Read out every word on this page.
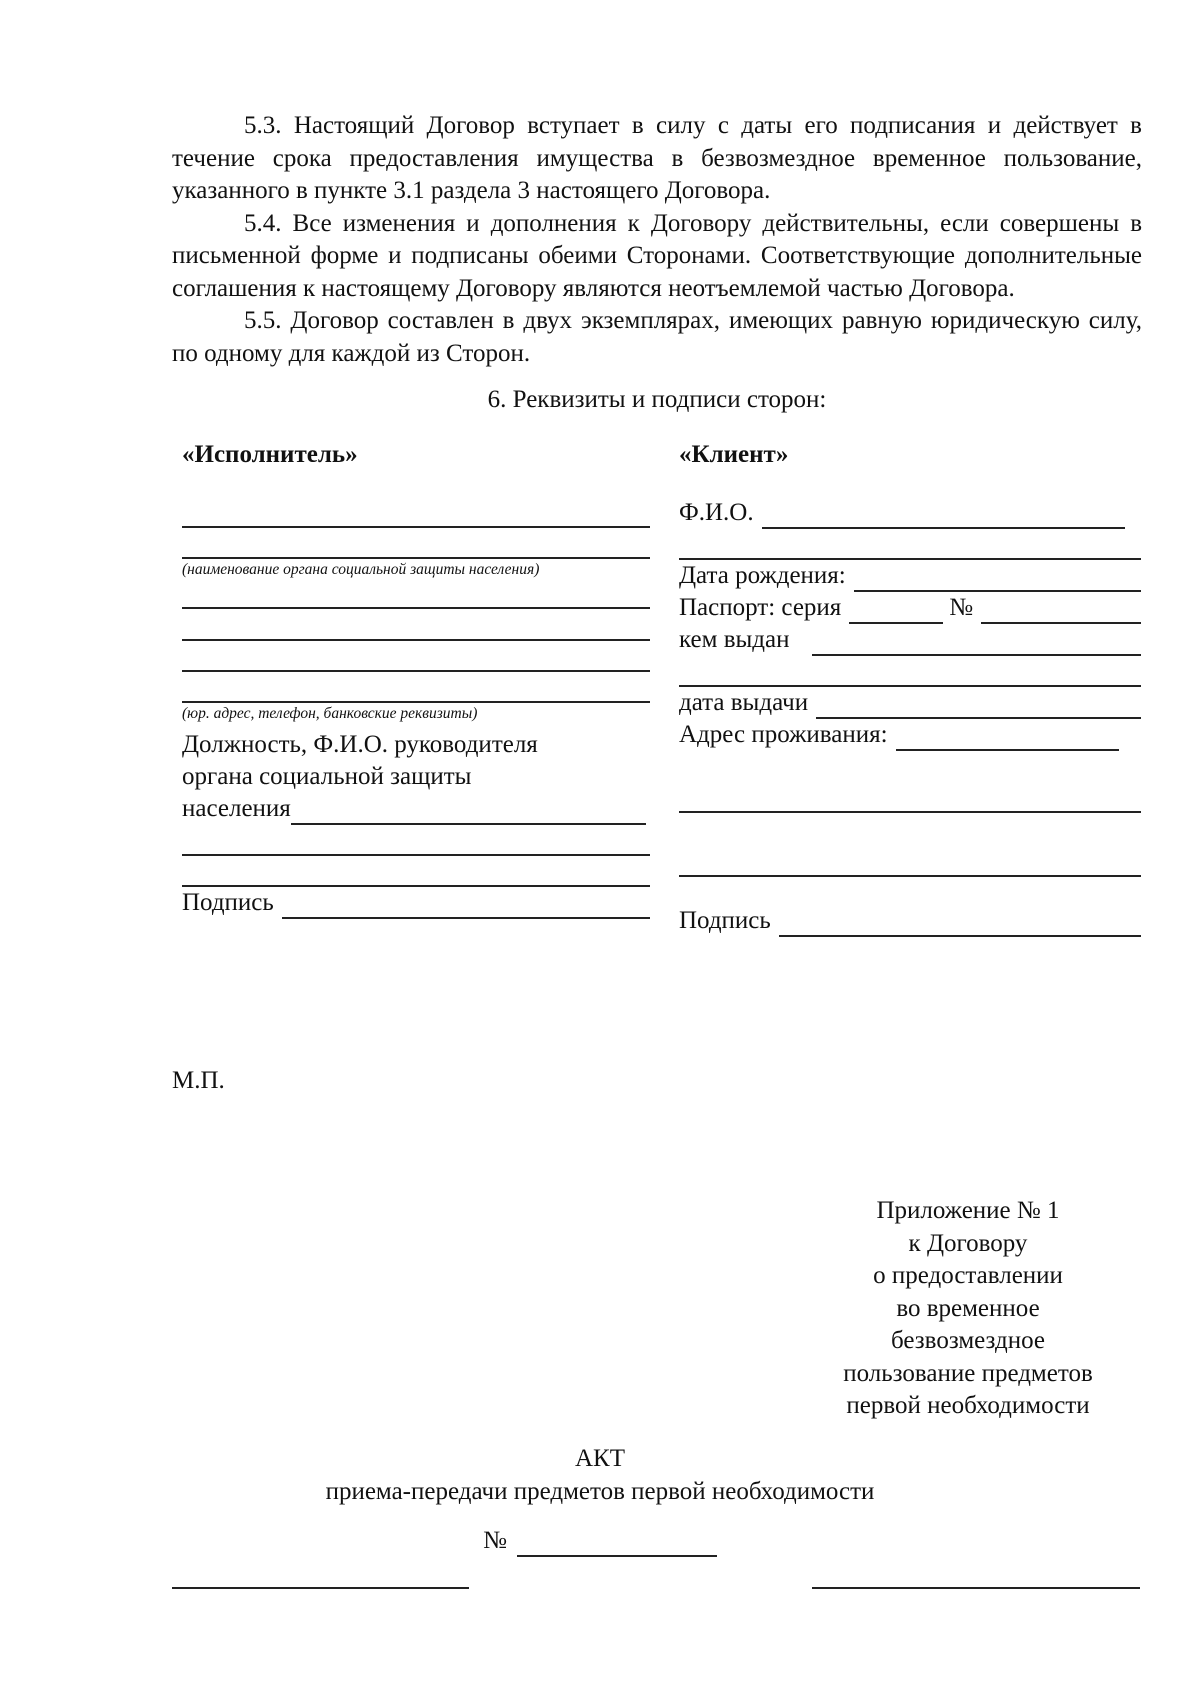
5.3. Настоящий Договор вступает в силу с даты его подписания и действует в течение срока предоставления имущества в безвозмездное временное пользование, указанного в пункте 3.1 раздела 3 настоящего Договора.

5.4. Все изменения и дополнения к Договору действительны, если совершены в письменной форме и подписаны обеими Сторонами. Соответствующие дополнительные соглашения к настоящему Договору являются неотъемлемой частью Договора.

5.5. Договор составлен в двух экземплярах, имеющих равную юридическую силу, по одному для каждой из Сторон.

6. Реквизиты и подписи сторон:
«Исполнитель»
(наименование органа социальной защиты населения)
(юр. адрес, телефон, банковские реквизиты)
Должность, Ф.И.О. руководителя
органа социальной защиты
населения
Подпись
«Клиент»
Ф.И.О.
Дата рождения:
Паспорт: серия	№
кем выдан
дата выдачи
Адрес проживания:
Подпись
М.П.
Приложение № 1
к Договору
о предоставлении
во временное
безвозмездное
пользование предметов
первой необходимости
АКТ
приема-передачи предметов первой необходимости
№
